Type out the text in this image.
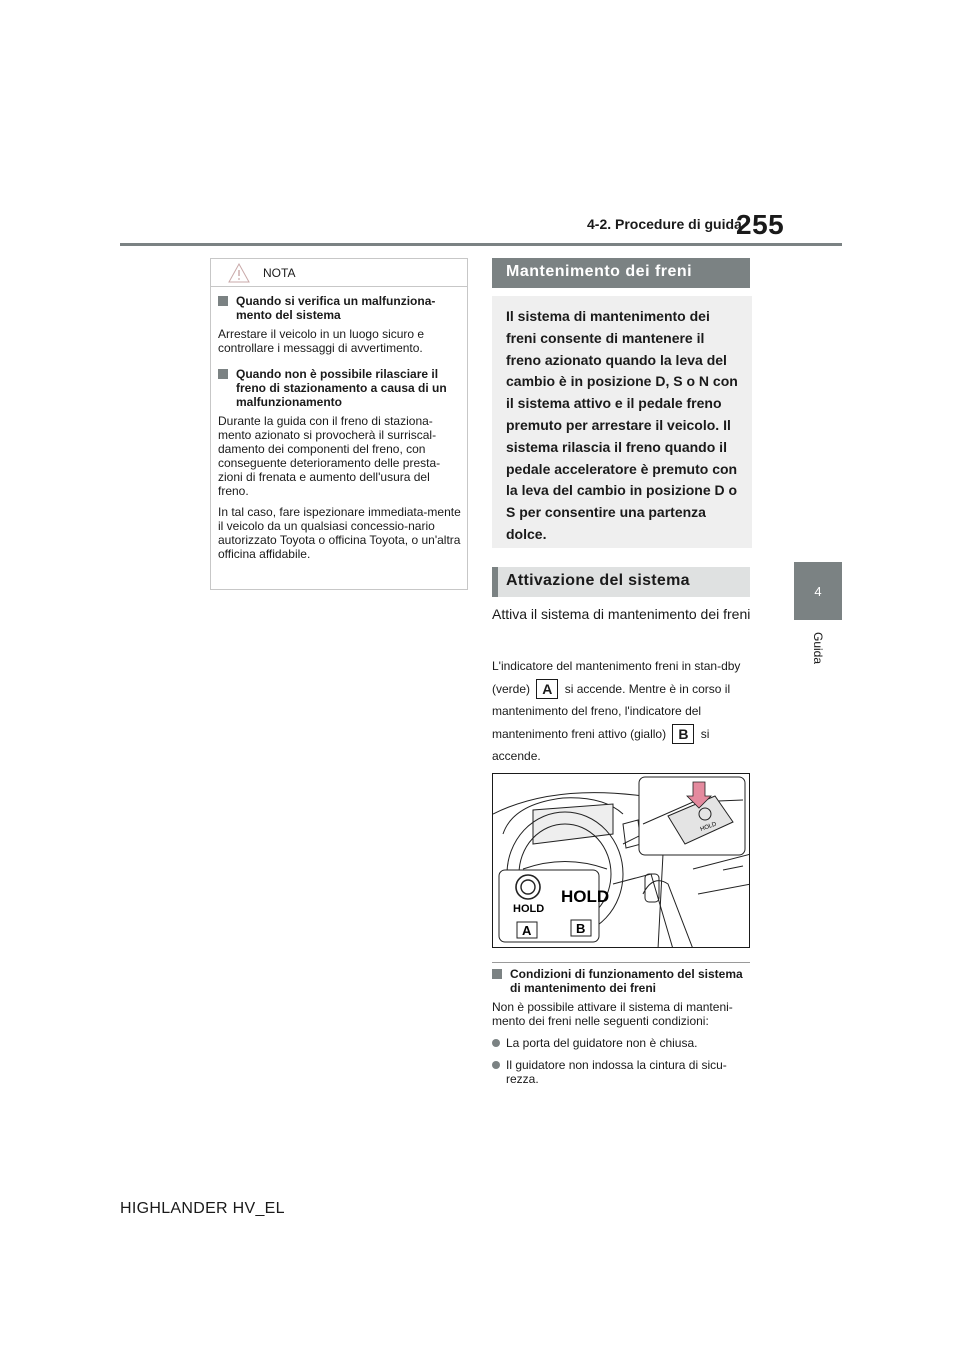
4-2. Procedure di guida
255
4
Guida
NOTA
Quando si verifica un malfunziona- mento del sistema

Arrestare il veicolo in un luogo sicuro e controllare i messaggi di avvertimento.

Quando non è possibile rilasciare il freno di stazionamento a causa di un malfunzionamento

Durante la guida con il freno di staziona-mento azionato si provocherà il surriscal-damento dei componenti del freno, con conseguente deterioramento delle presta-zioni di frenata e aumento dell'usura del freno.

In tal caso, fare ispezionare immediata-mente il veicolo da un qualsiasi concessio-nario autorizzato Toyota o officina Toyota, o un'altra officina affidabile.

Mantenimento dei freni
Il sistema di mantenimento dei freni consente di mantenere il freno azionato quando la leva del cambio è in posizione D, S o N con il sistema attivo e il pedale freno premuto per arrestare il veicolo. Il sistema rilascia il freno quando il pedale acceleratore è premuto con la leva del cambio in posizione D o S per consentire una partenza dolce.
Attivazione del sistema
Attiva il sistema di mantenimento dei freni
L'indicatore del mantenimento freni in stan-dby (verde) A si accende. Mentre è in corso il mantenimento del freno, l'indicatore del mantenimento freni attivo (giallo) B si accende.
HOLD
HOLD
HOLD
A	B
Condizioni di funzionamento del sistema di mantenimento dei freni

Non è possibile attivare il sistema di manteni-mento dei freni nelle seguenti condizioni:

La porta del guidatore non è chiusa.
Il guidatore non indossa la cintura di sicu-rezza.
HIGHLANDER HV_EL
